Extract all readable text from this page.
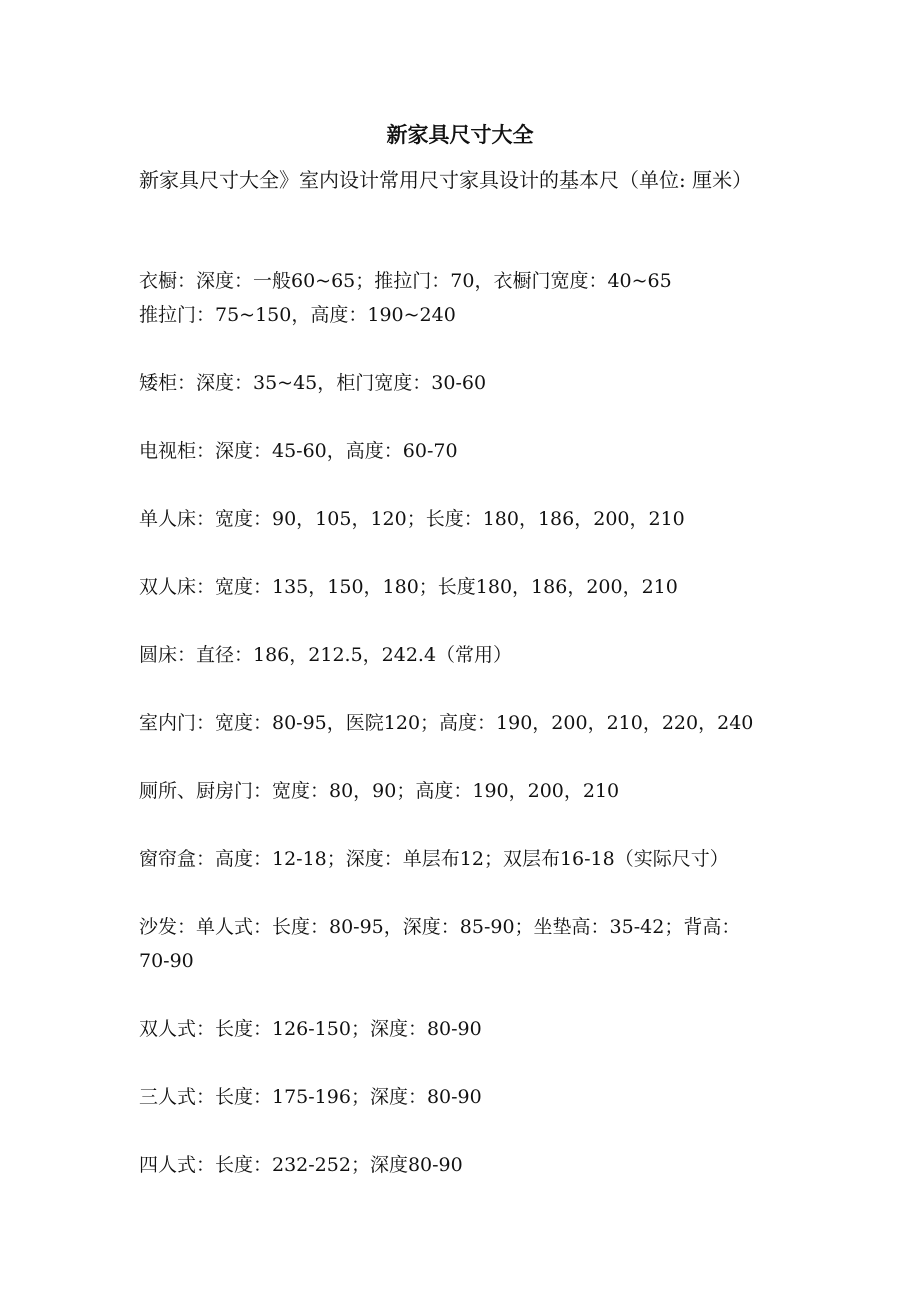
新家具尺寸大全
新家具尺寸大全》室内设计常用尺寸家具设计的基本尺（单位: 厘米）
衣橱：深度：一般60~65；推拉门：70，衣橱门宽度：40~65
推拉门：75~150，高度：190~240
矮柜：深度：35~45，柜门宽度：30-60
电视柜：深度：45-60，高度：60-70
单人床：宽度：90，105，120；长度：180，186，200，210
双人床：宽度：135，150，180；长度180，186，200，210
圆床：直径：186，212.5，242.4（常用）
室内门：宽度：80-95，医院120；高度：190，200，210，220，240
厕所、厨房门：宽度：80，90；高度：190，200，210
窗帘盒：高度：12-18；深度：单层布12；双层布16-18（实际尺寸）
沙发：单人式：长度：80-95，深度：85-90；坐垫高：35-42；背高：
70-90
双人式：长度：126-150；深度：80-90
三人式：长度：175-196；深度：80-90
四人式：长度：232-252；深度80-90
